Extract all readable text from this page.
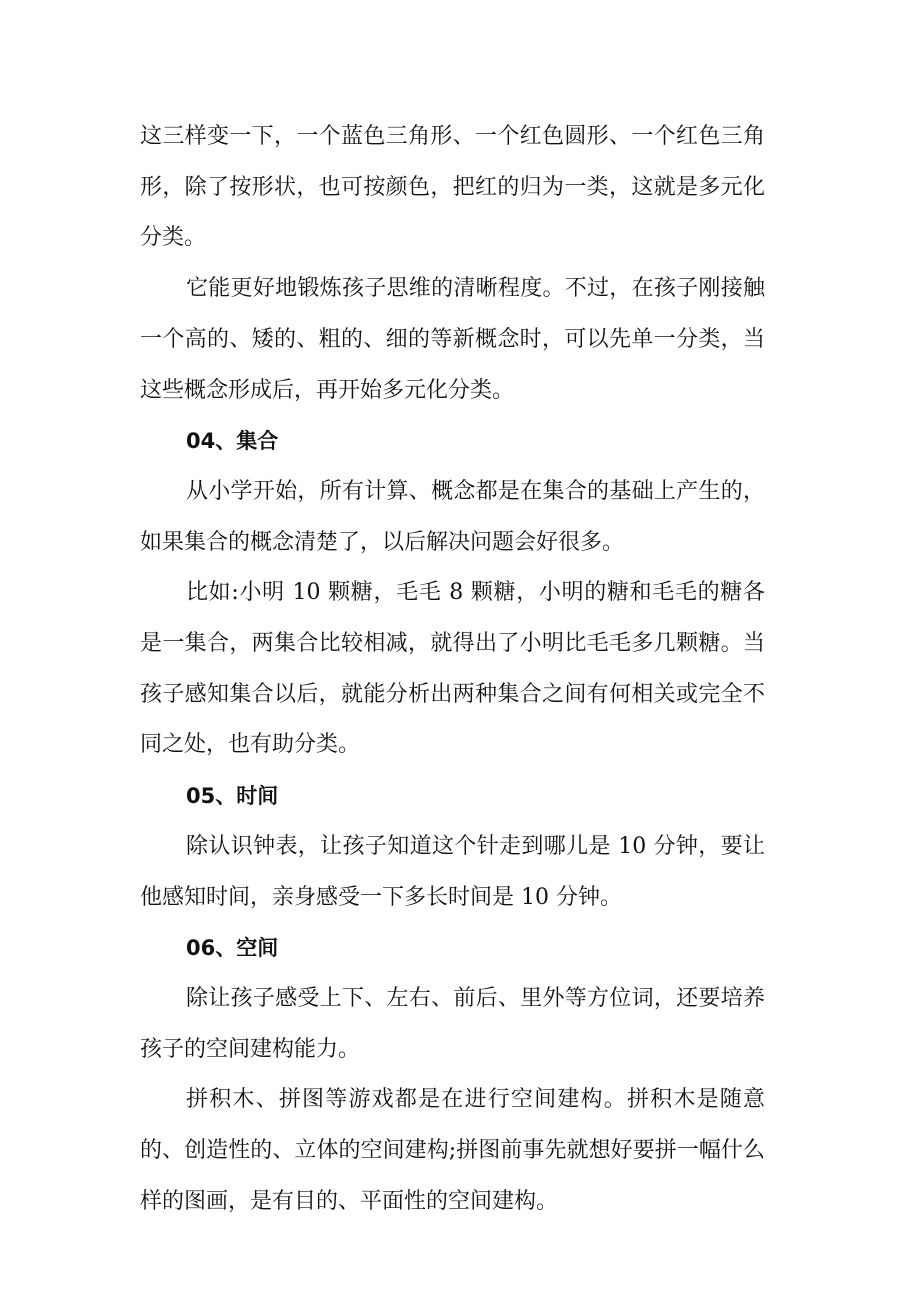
这三样变一下，一个蓝色三角形、一个红色圆形、一个红色三角形，除了按形状，也可按颜色，把红的归为一类，这就是多元化分类。

它能更好地锻炼孩子思维的清晰程度。不过，在孩子刚接触一个高的、矮的、粗的、细的等新概念时，可以先单一分类，当这些概念形成后，再开始多元化分类。

04、集合

从小学开始，所有计算、概念都是在集合的基础上产生的，如果集合的概念清楚了，以后解决问题会好很多。

比如:小明 10 颗糖，毛毛 8 颗糖，小明的糖和毛毛的糖各是一集合，两集合比较相减，就得出了小明比毛毛多几颗糖。当孩子感知集合以后，就能分析出两种集合之间有何相关或完全不同之处，也有助分类。

05、时间

除认识钟表，让孩子知道这个针走到哪儿是 10 分钟，要让他感知时间，亲身感受一下多长时间是 10 分钟。

06、空间

除让孩子感受上下、左右、前后、里外等方位词，还要培养孩子的空间建构能力。

拼积木、拼图等游戏都是在进行空间建构。拼积木是随意的、创造性的、立体的空间建构;拼图前事先就想好要拼一幅什么样的图画，是有目的、平面性的空间建构。
